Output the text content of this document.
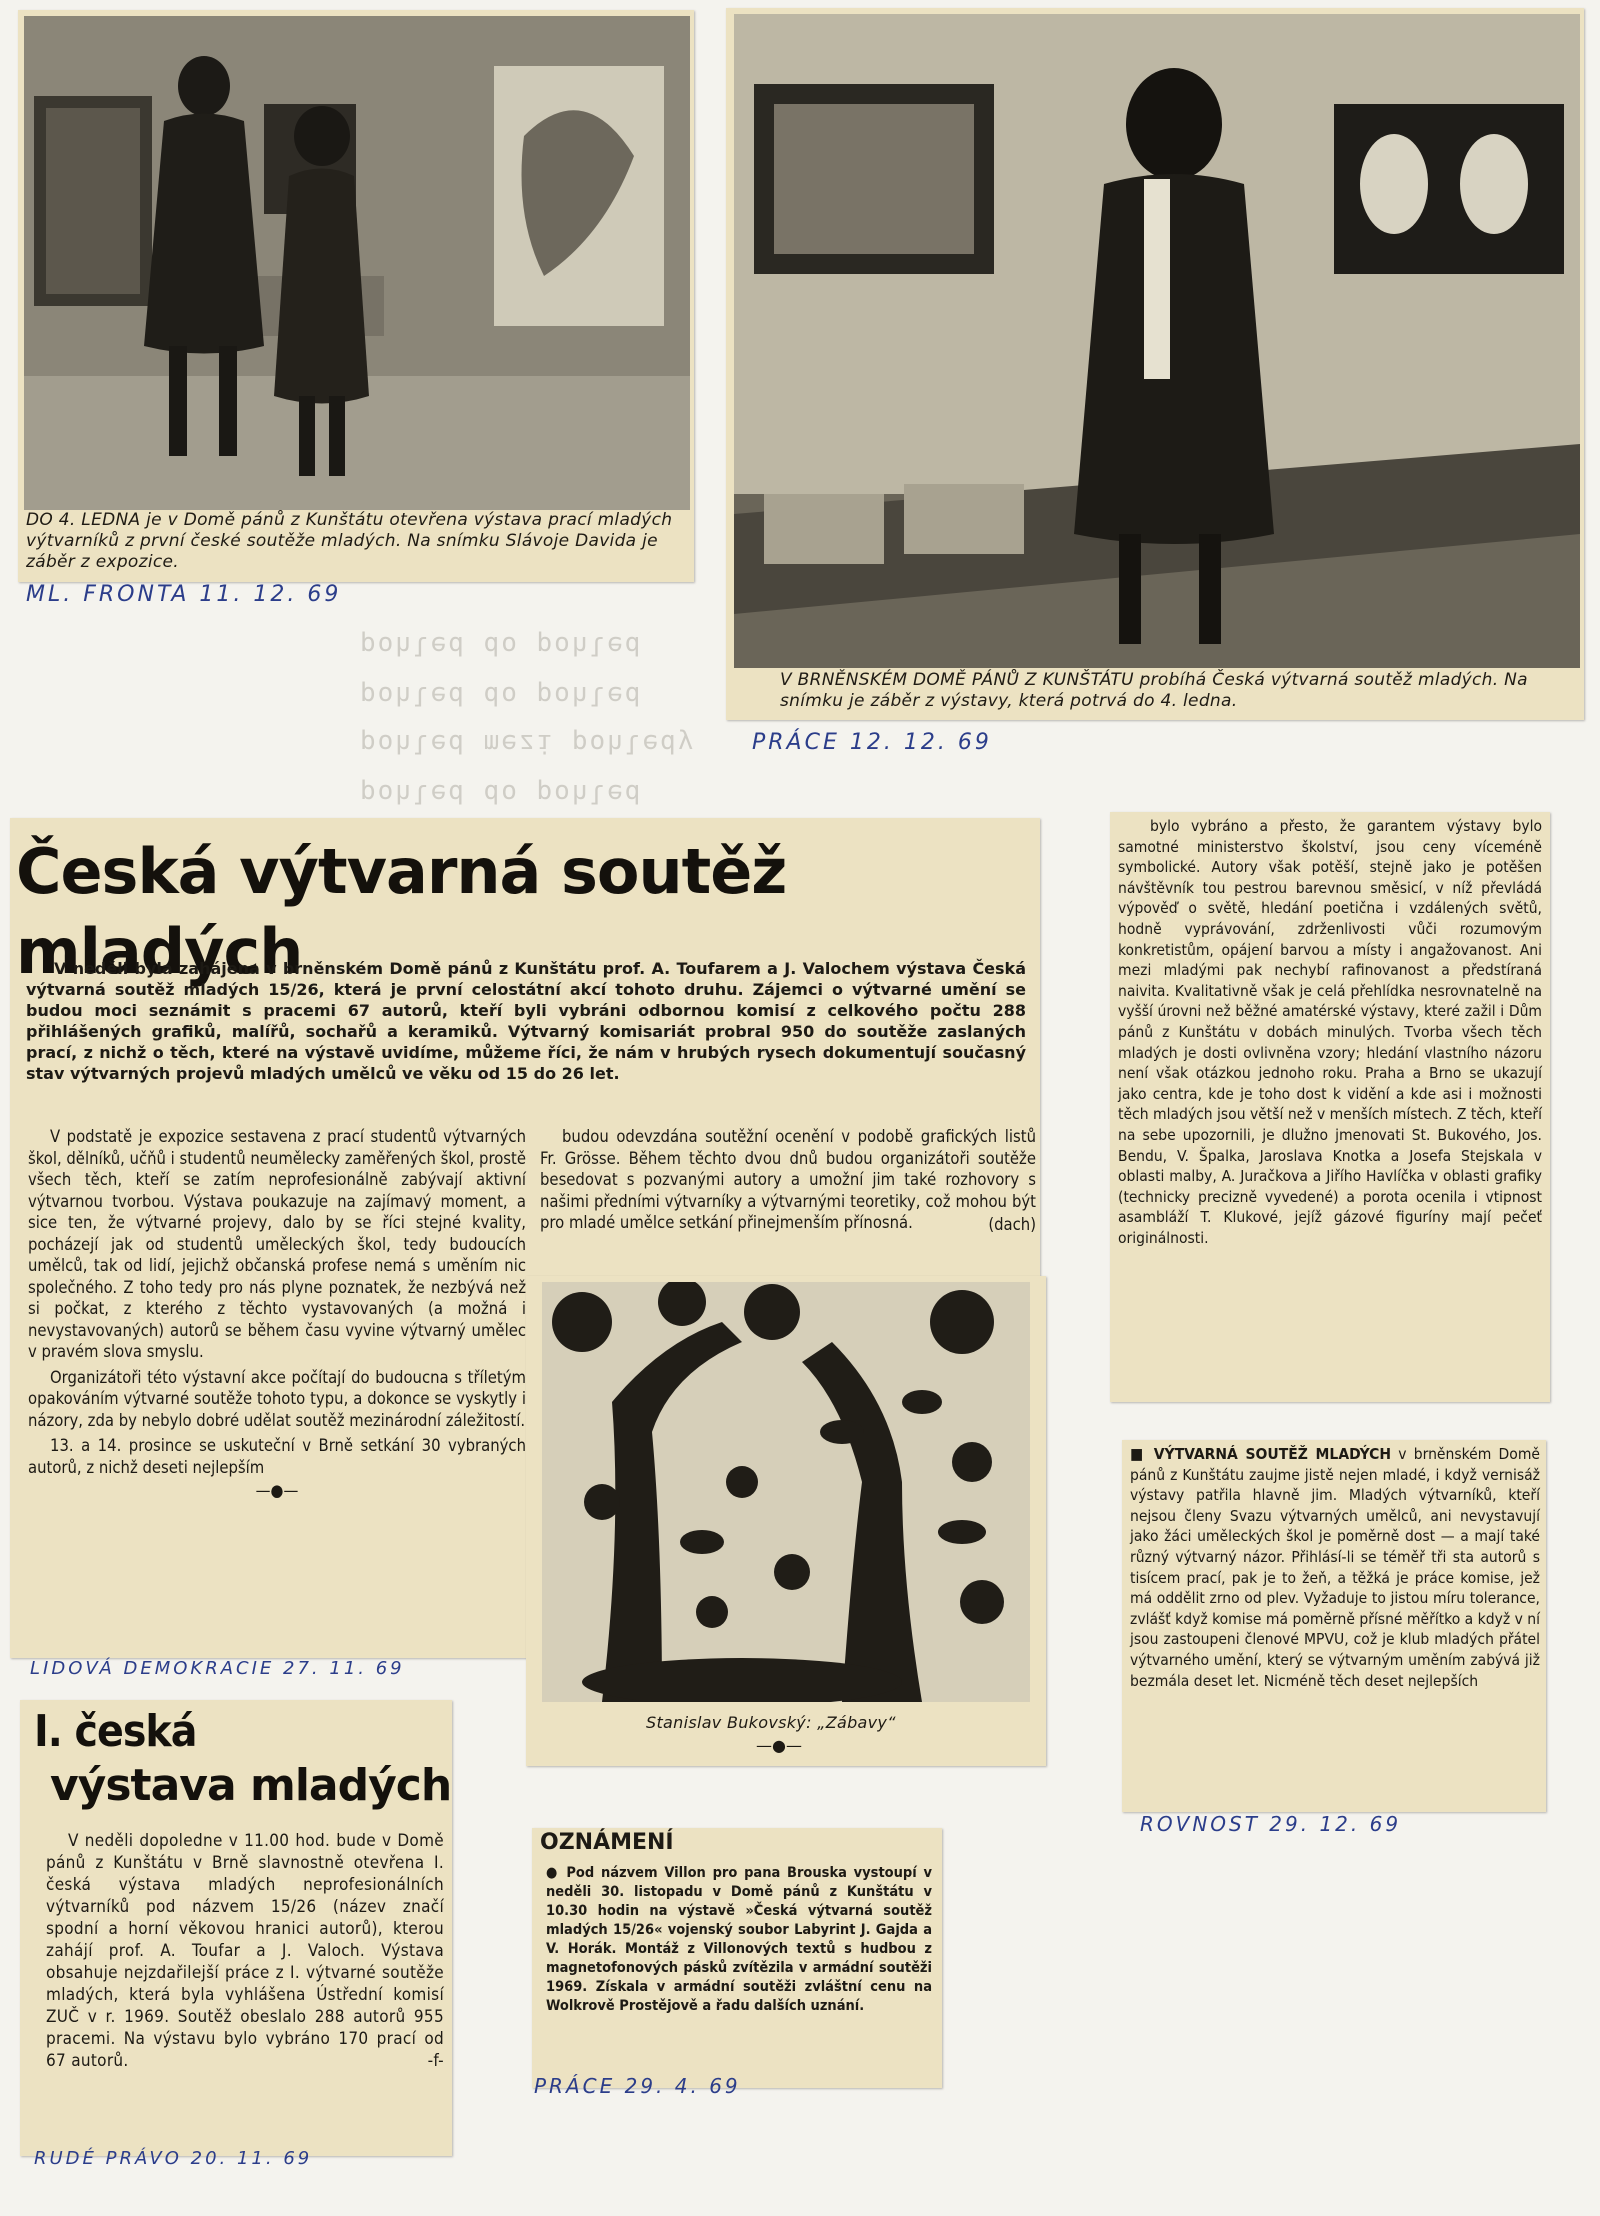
pohled do pohled
pohled do pohled
pohled mezi pohledy
pohled do pohled
DO 4. LEDNA je v Domě pánů z Kunštátu otevřena výstava prací mladých výtvarníků z první české soutěže mladých. Na snímku Slávoje Davida je záběr z expozice.
ML. FRONTA 11. 12. 69
V BRNĚNSKÉM DOMĚ PÁNŮ Z KUNŠTÁTU probíhá Česká výtvarná soutěž mladých. Na snímku je záběr z výstavy, která potrvá do 4. ledna.
PRÁCE 12. 12. 69
Česká výtvarná soutěž mladých

V neděli byla zahájena v brněnském Domě pánů z Kunštátu prof. A. Toufarem a J. Valochem výstava Česká výtvarná soutěž mladých 15/26, která je první celostátní akcí tohoto druhu. Zájemci o výtvarné umění se budou moci seznámit s pracemi 67 autorů, kteří byli vybráni odbornou komisí z celkového počtu 288 přihlášených grafiků, malířů, sochařů a keramiků. Výtvarný komisariát probral 950 do soutěže zaslaných prací, z nichž o těch, které na výstavě uvidíme, můžeme říci, že nám v hrubých rysech dokumentují současný stav výtvarných projevů mladých umělců ve věku od 15 do 26 let.

V podstatě je expozice sestavena z prací studentů výtvarných škol, dělníků, učňů i studentů neumělecky zaměřených škol, prostě všech těch, kteří se zatím neprofesionálně zabývají aktivní výtvarnou tvorbou. Výstava poukazuje na zajímavý moment, a sice ten, že výtvarné projevy, dalo by se říci stejné kvality, pocházejí jak od studentů uměleckých škol, tedy budoucích umělců, tak od lidí, jejichž občanská profese nemá s uměním nic společného. Z toho tedy pro nás plyne poznatek, že nezbývá než si počkat, z kterého z těchto vystavovaných (a možná i nevystavovaných) autorů se během času vyvine výtvarný umělec v pravém slova smyslu.

Organizátoři této výstavní akce počítají do budoucna s tříletým opakováním výtvarné soutěže tohoto typu, a dokonce se vyskytly i názory, zda by nebylo dobré udělat soutěž mezinárodní záležitostí.

13. a 14. prosince se uskuteční v Brně setkání 30 vybraných autorů, z nichž deseti nejlepším

—●—

budou odevzdána soutěžní ocenění v podobě grafických listů Fr. Grösse. Během těchto dvou dnů budou organizátoři soutěže besedovat s pozvanými autory a umožní jim také rozhovory s našimi předními výtvarníky a výtvarnými teoretiky, což mohou být pro mladé umělce setkání přinejmenším přínosná.	(dach)
Stanislav Bukovský: „Zábavy“
—●—
LIDOVÁ DEMOKRACIE 27. 11. 69
bylo vybráno a přesto, že garantem výstavy bylo samotné ministerstvo školství, jsou ceny víceméně symbolické. Autory však potěší, stejně jako je potěšen návštěvník tou pestrou barevnou směsicí, v níž převládá výpověď o světě, hledání poetična i vzdálených světů, hodně vyprávování, zdrženlivosti vůči rozumovým konkretistům, opájení barvou a místy i angažovanost. Ani mezi mladými pak nechybí rafinovanost a předstíraná naivita. Kvalitativně však je celá přehlídka nesrovnatelně na vyšší úrovni než běžné amatérské výstavy, které zažil i Dům pánů z Kunštátu v dobách minulých. Tvorba všech těch mladých je dosti ovlivněna vzory; hledání vlastního názoru není však otázkou jednoho roku. Praha a Brno se ukazují jako centra, kde je toho dost k vidění a kde asi i možnosti těch mladých jsou větší než v menších místech. Z těch, kteří na sebe upozornili, je dlužno jmenovati St. Bukového, Jos. Bendu, V. Špalka, Jaroslava Knotka a Josefa Stejskala v oblasti malby, A. Juračkova a Jiřího Havlíčka v oblasti grafiky (technicky precizně vyvedené) a porota ocenila i vtipnost asambláží T. Klukové, jejíž gázové figuríny mají pečeť originálnosti.
■ VÝTVARNÁ SOUTĚŽ MLADÝCH v brněnském Domě pánů z Kunštátu zaujme jistě nejen mladé, i když vernisáž výstavy patřila hlavně jim. Mladých výtvarníků, kteří nejsou členy Svazu výtvarných umělců, ani nevystavují jako žáci uměleckých škol je poměrně dost — a mají také různý výtvarný názor. Přihlásí-li se téměř tři sta autorů s tisícem prací, pak je to žeň, a těžká je práce komise, jež má oddělit zrno od plev. Vyžaduje to jistou míru tolerance, zvlášť když komise má poměrně přísné měřítko a když v ní jsou zastoupeni členové MPVU, což je klub mladých přátel výtvarného umění, který se výtvarným uměním zabývá již bezmála deset let. Nicméně těch deset nejlepších
ROVNOST 29. 12. 69
I. česká
výstava mladých

V neděli dopoledne v 11.00 hod. bude v Domě pánů z Kunštátu v Brně slavnostně otevřena I. česká výstava mladých neprofesionálních výtvarníků pod názvem 15/26 (název značí spodní a horní věkovou hranici autorů), kterou zahájí prof. A. Toufar a J. Valoch. Výstava obsahuje nejzdařilejší práce z I. výtvarné soutěže mladých, která byla vyhlášena Ústřední komisí ZUČ v r. 1969. Soutěž obeslalo 288 autorů 955 pracemi. Na výstavu bylo vybráno 170 prací od 67 autorů.	-f-
RUDÉ PRÁVO 20. 11. 69
OZNÁMENÍ
● Pod názvem Villon pro pana Brouska vystoupí v neděli 30. listopadu v Domě pánů z Kunštátu v 10.30 hodin na výstavě »Česká výtvarná soutěž mladých 15/26« vojenský soubor Labyrint J. Gajda a V. Horák. Montáž z Villonových textů s hudbou z magnetofonových pásků zvítězila v armádní soutěži 1969. Získala v armádní soutěži zvláštní cenu na Wolkrově Prostějově a řadu dalších uznání.
PRÁCE 29. 4. 69
